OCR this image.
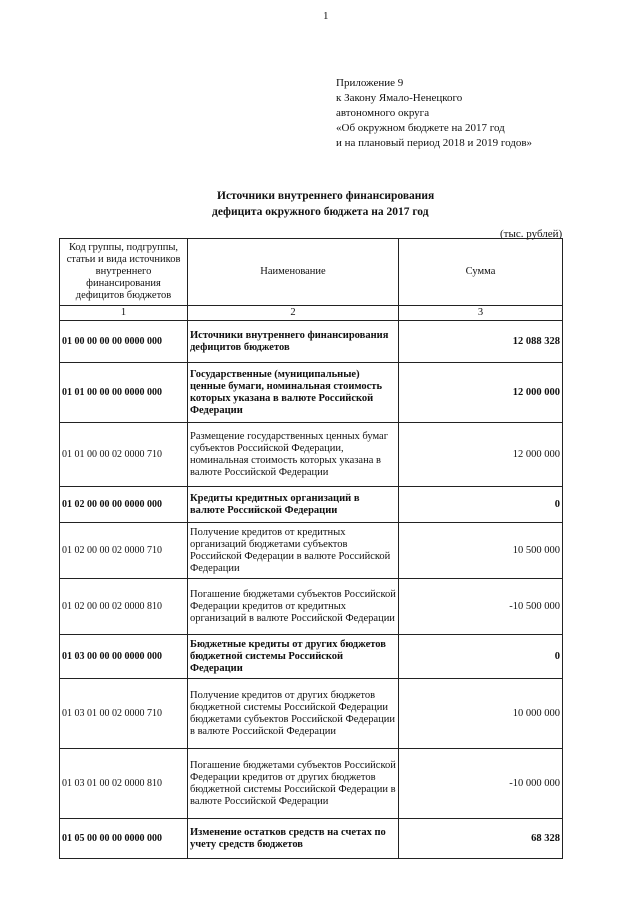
1
Приложение 9
к Закону Ямало-Ненецкого
автономного округа
«Об окружном бюджете на 2017 год
и на плановый период 2018 и 2019 годов»
Источники внутреннего финансирования
дефицита окружного бюджета на 2017 год
(тыс. рублей)
Код группы, подгруппы, статьи и вида источников внутреннего финансирования дефицитов бюджетов	Наименование	Сумма
1	2	3
01 00 00 00 00 0000 000	Источники внутреннего финансирования дефицитов бюджетов	12 088 328
01 01 00 00 00 0000 000	Государственные (муниципальные) ценные бумаги, номинальная стоимость которых указана в валюте Российской Федерации	12 000 000
01 01 00 00 02 0000 710	Размещение государственных ценных бумаг субъектов Российской Федерации, номинальная стоимость которых указана в валюте Российской Федерации	12 000 000
01 02 00 00 00 0000 000	Кредиты кредитных организаций в валюте Российской Федерации	0
01 02 00 00 02 0000 710	Получение кредитов от кредитных организаций бюджетами субъектов Российской Федерации в валюте Российской Федерации	10 500 000
01 02 00 00 02 0000 810	Погашение бюджетами субъектов Российской Федерации кредитов от кредитных организаций в валюте Российской Федерации	-10 500 000
01 03 00 00 00 0000 000	Бюджетные кредиты от других бюджетов бюджетной системы Российской Федерации	0
01 03 01 00 02 0000 710	Получение кредитов от других бюджетов бюджетной системы Российской Федерации бюджетами субъектов Российской Федерации в валюте Российской Федерации	10 000 000
01 03 01 00 02 0000 810	Погашение бюджетами субъектов Российской Федерации кредитов от других бюджетов бюджетной системы Российской Федерации в валюте Российской Федерации	-10 000 000
01 05 00 00 00 0000 000	Изменение остатков средств на счетах по учету средств бюджетов	68 328
